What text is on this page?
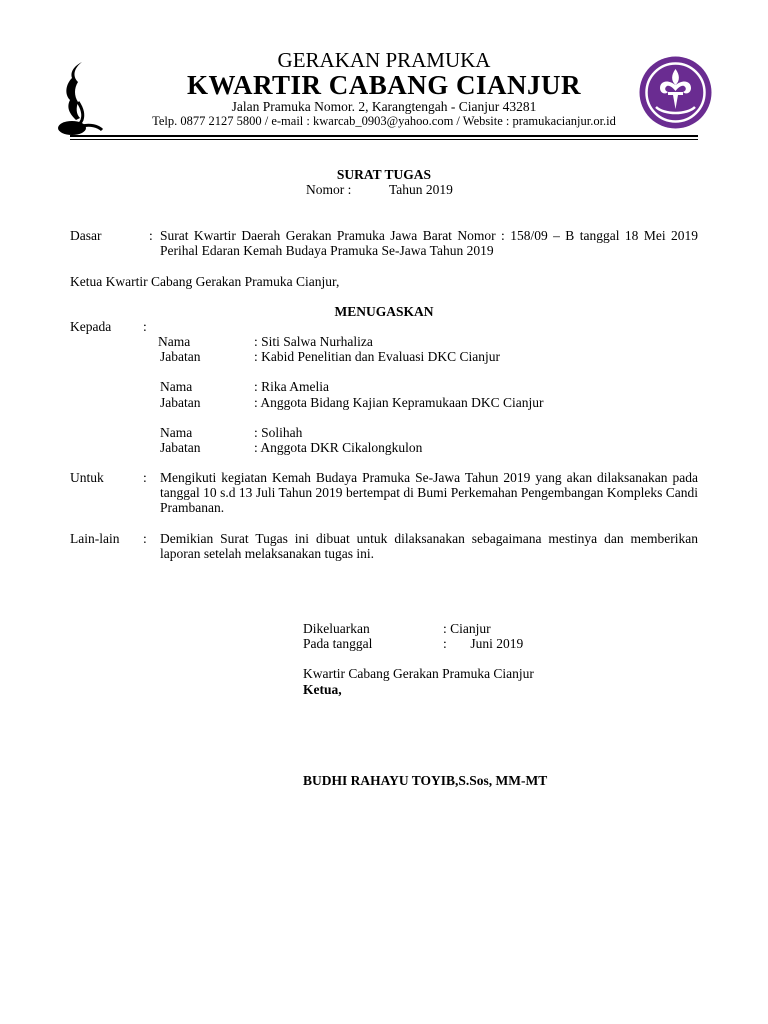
GERAKAN PRAMUKA
KWARTIR CABANG CIANJUR
Jalan Pramuka Nomor. 2, Karangtengah - Cianjur 43281
Telp. 0877 2127 5800 / e-mail : kwarcab_0903@yahoo.com / Website : pramukacianjur.or.id
SURAT TUGAS
Nomor :	Tahun 2019
Dasar	: Surat Kwartir Daerah Gerakan Pramuka Jawa Barat Nomor : 158/09 – B tanggal 18 Mei 2019 Perihal Edaran Kemah Budaya Pramuka Se-Jawa Tahun 2019
Ketua Kwartir Cabang Gerakan Pramuka Cianjur,
MENUGASKAN
Kepada :
Nama	: Siti Salwa Nurhaliza
Jabatan	: Kabid Penelitian dan Evaluasi DKC Cianjur
Nama	: Rika Amelia
Jabatan	: Anggota Bidang Kajian Kepramukaan DKC Cianjur
Nama	: Solihah
Jabatan	: Anggota DKR Cikalongkulon
Untuk	: Mengikuti kegiatan Kemah Budaya Pramuka Se-Jawa Tahun 2019 yang akan dilaksanakan pada tanggal 10 s.d 13 Juli Tahun 2019 bertempat di Bumi Perkemahan Pengembangan Kompleks Candi Prambanan.
Lain-lain : Demikian Surat Tugas ini dibuat untuk dilaksanakan sebagaimana mestinya dan memberikan laporan setelah melaksanakan tugas ini.
Dikeluarkan	: Cianjur
Pada tanggal	:       Juni 2019
Kwartir Cabang Gerakan Pramuka Cianjur
Ketua,
BUDHI RAHAYU TOYIB,S.Sos, MM-MT
